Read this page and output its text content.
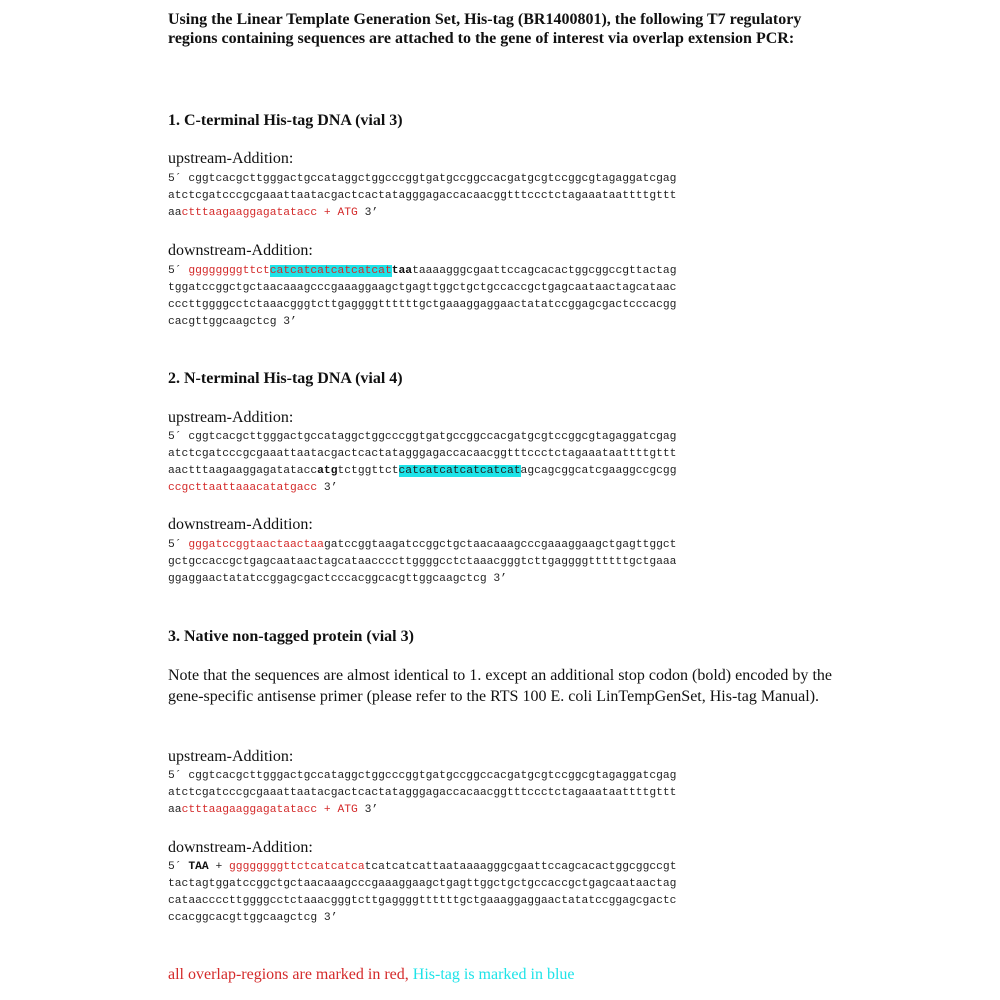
Using the Linear Template Generation Set, His-tag (BR1400801), the following T7 regulatory regions containing sequences are attached to the gene of interest via overlap extension PCR:

1. C-terminal His-tag DNA (vial 3)

upstream-Addition:

5´ cggtcacgcttgggactgccataggctggcccggtgatgccggccacgatgcgtccggcgtagaggatcgag
atctcgatcccgcgaaattaatacgactcactatagggagaccacaacggtttccctctagaaataattttgttt
aactttaagaaggagatatacc + ATG 3’

downstream-Addition:

5´ ggggggggttctcatcatcatcatcatcattaataaaagggcgaattccagcacactggcggccgttactag
tggatccggctgctaacaaagcccgaaaggaagctgagttggctgctgccaccgctgagcaataactagcataac
cccttggggcctctaaacgggtcttgaggggttttttgctgaaaggaggaactatatccggagcgactcccacgg
cacgttggcaagctcg 3’

2. N-terminal His-tag DNA (vial 4)

upstream-Addition:

5´ cggtcacgcttgggactgccataggctggcccggtgatgccggccacgatgcgtccggcgtagaggatcgag
atctcgatcccgcgaaattaatacgactcactatagggagaccacaacggtttccctctagaaataattttgttt
aactttaagaaggagatataccatgtctggttctcatcatcatcatcatcatagcagcggcatcgaaggccgcgg
ccgcttaattaaacatatgacc 3’

downstream-Addition:

5´ gggatccggtaactaactaagatccggtaagatccggctgctaacaaagcccgaaaggaagctgagttggct
gctgccaccgctgagcaataactagcataaccccttggggcctctaaacgggtcttgaggggttttttgctgaaa
ggaggaactatatccggagcgactcccacggcacgttggcaagctcg 3’

3. Native non-tagged protein (vial 3)

Note that the sequences are almost identical to 1. except an additional stop codon (bold) encoded by the gene-specific antisense primer (please refer to the RTS 100 E. coli LinTempGenSet, His-tag Manual).

upstream-Addition:

5´ cggtcacgcttgggactgccataggctggcccggtgatgccggccacgatgcgtccggcgtagaggatcgag
atctcgatcccgcgaaattaatacgactcactatagggagaccacaacggtttccctctagaaataattttgttt
aactttaagaaggagatatacc + ATG 3’

downstream-Addition:

5´ TAA + ggggggggttctcatcatcatcatcatcattaataaaagggcgaattccagcacactggcggccgt
tactagtggatccggctgctaacaaagcccgaaaggaagctgagttggctgctgccaccgctgagcaataactag
cataaccccttggggcctctaaacgggtcttgaggggttttttgctgaaaggaggaactatatccggagcgactc
ccacggcacgttggcaagctcg 3’

all overlap-regions are marked in red, His-tag is marked in blue
